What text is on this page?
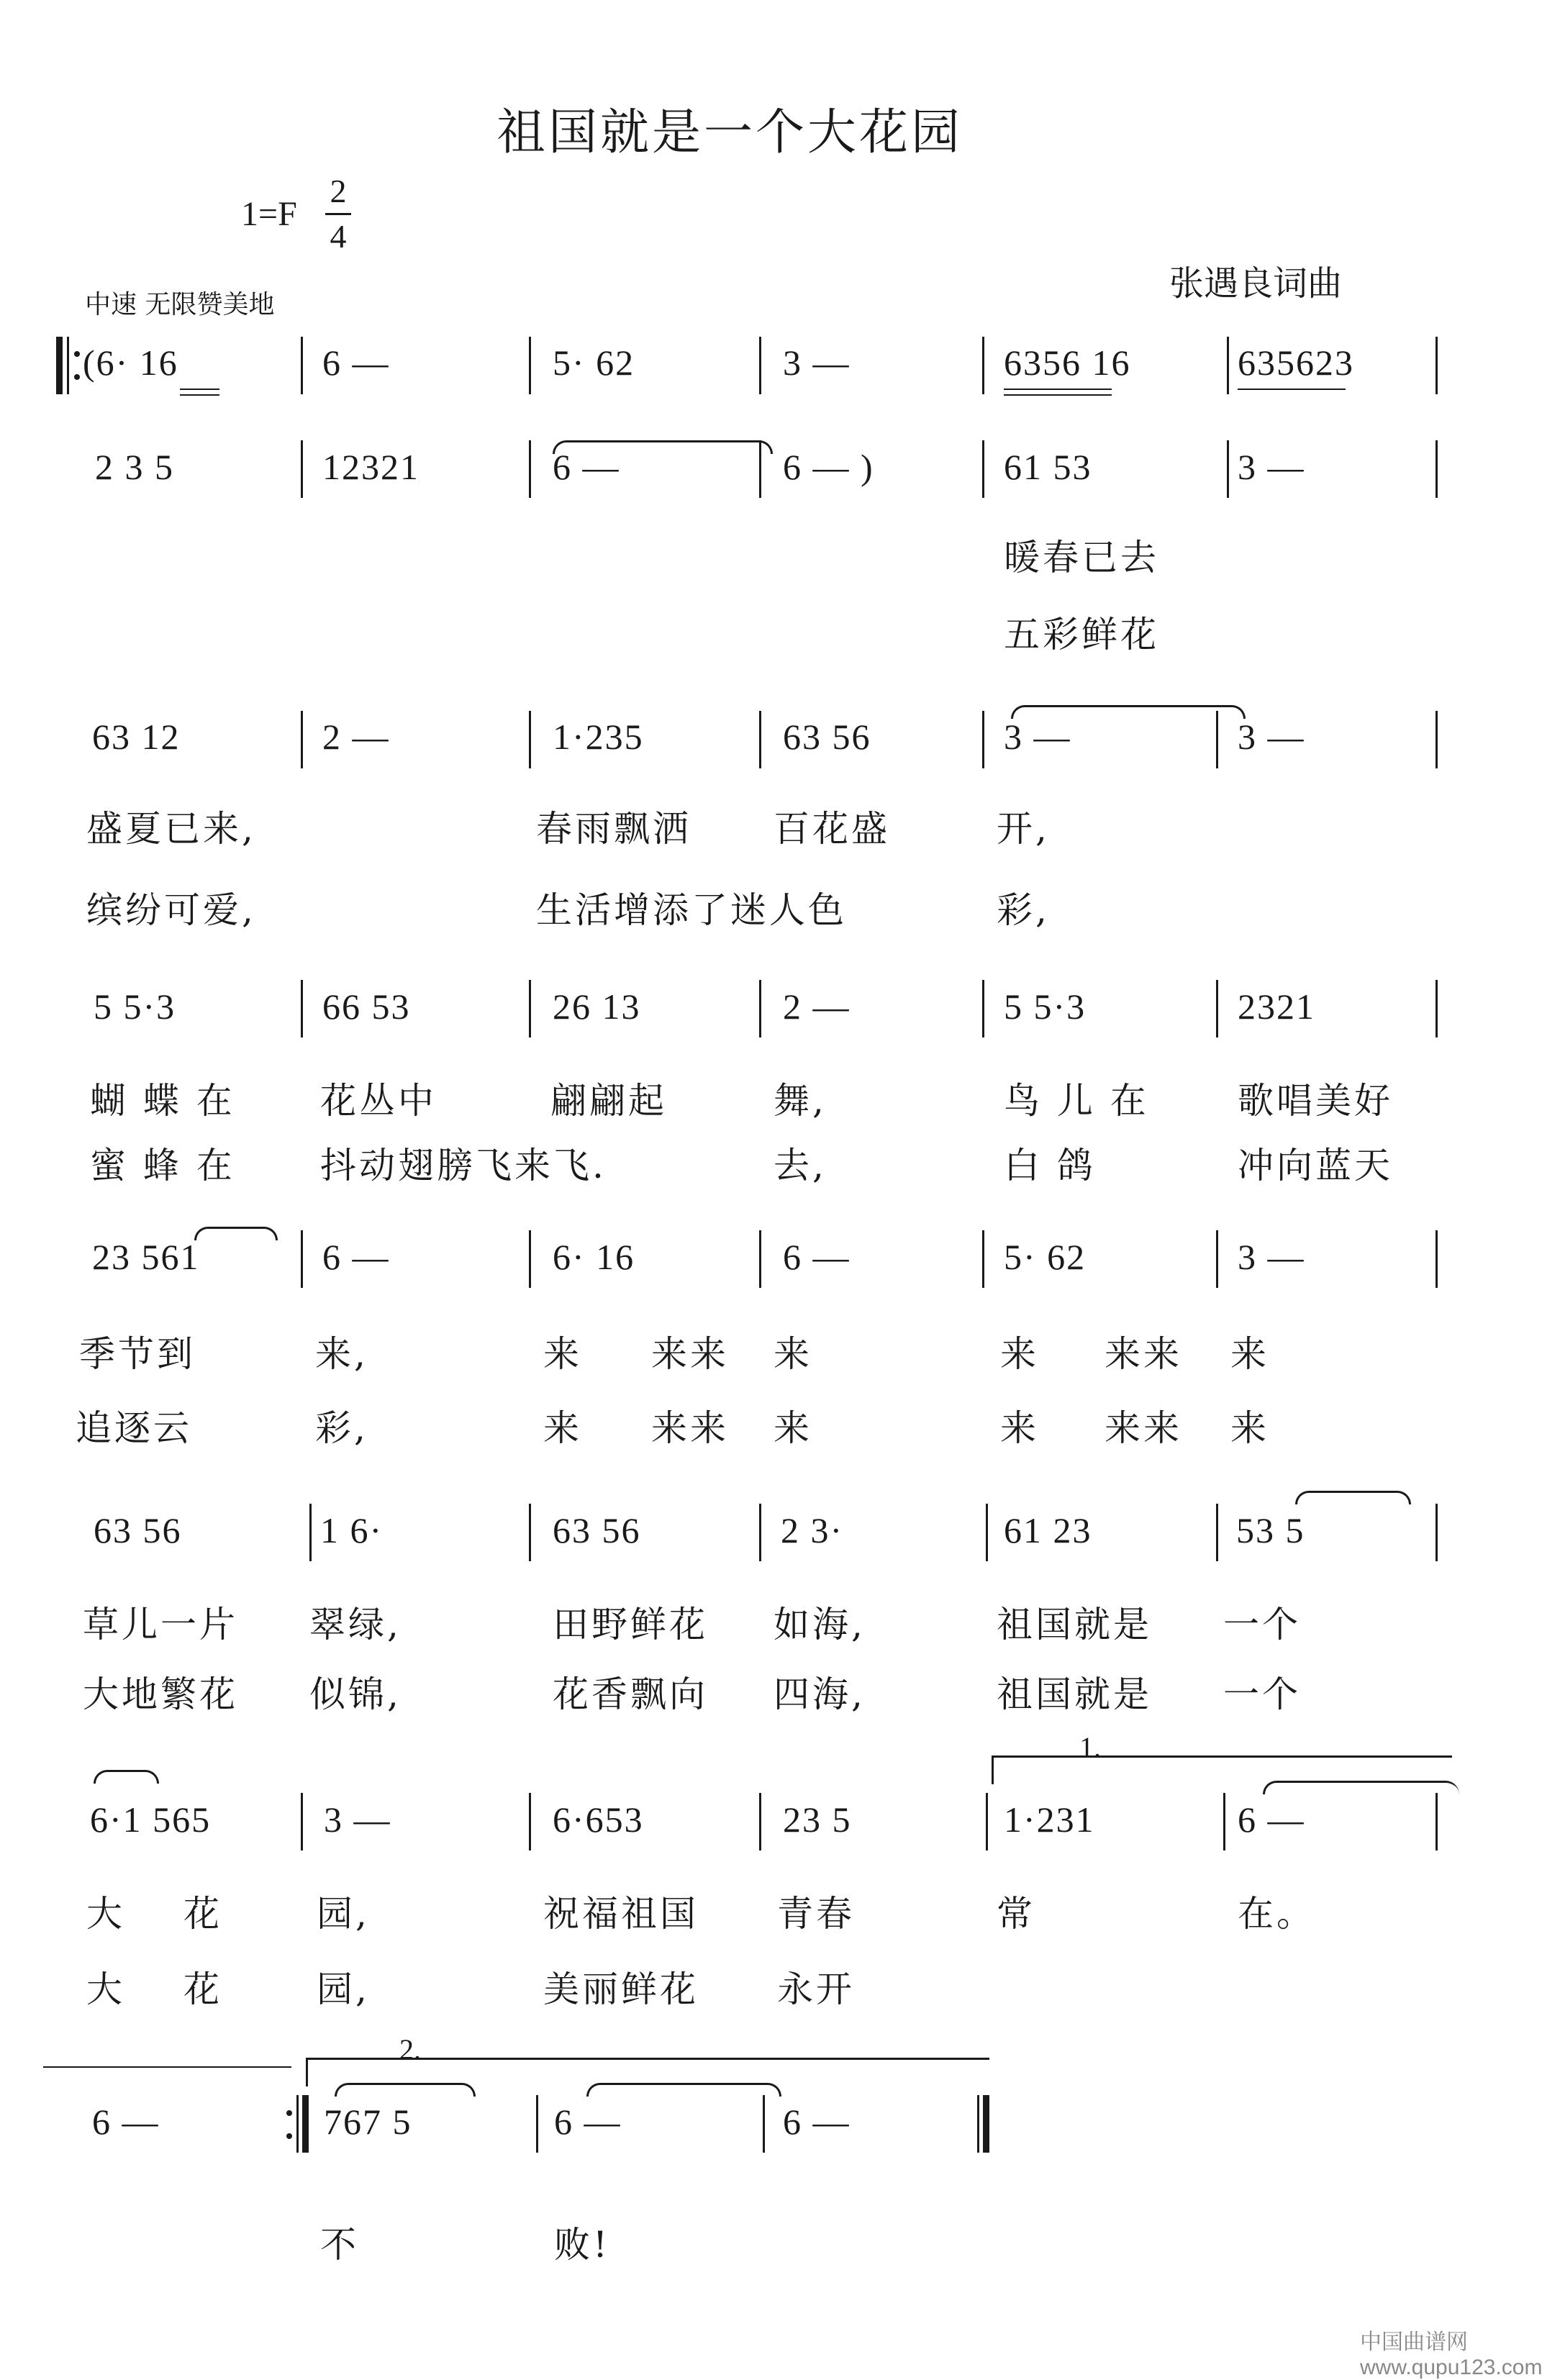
祖国就是一个大花园
1=F
2
4
中速 无限赞美地
张遇良词曲
(6· 16	6 —	5· 62	3 —	6356 16	635623
2 3 5	12321	6 —	6 — )	61 53	3 —
暖春已去
五彩鲜花
63 12	2 —	1·235	63 56	3 —	3 —
盛夏已来,	春雨飘洒 百花盛	开,
缤纷可爱,	生活增添了迷人色	彩,
5 5·3	66 53	26 13	2 —	5 5·3	2321
蝴 蝶 在 花丛中	翩翩起	舞,	鸟 儿 在 歌唱美好
蜜 蜂 在 抖动翅膀飞来飞.	去,	白 鸽	冲向蓝天
23 561	6 —	6· 16	6 —	5· 62	3 —
季节到	来,	来 来来 来	来 来来 来
追逐云	彩,	来 来来 来	来 来来 来
63 56	1 6·	63 56	2 3·	61 23	53 5
草儿一片 翠绿,	田野鲜花 如海,	祖国就是 一个
大地繁花 似锦,	花香飘向 四海,	祖国就是 一个
1.
6·1 565	3 —	6·653	23 5	1·231	6 —
大 花	园,	祝福祖国 青春	常	在。
大 花	园,	美丽鲜花 永开
2.
6 —	767 5	6 —	6 —
不	败!
中国曲谱网 www.qupu123.com
